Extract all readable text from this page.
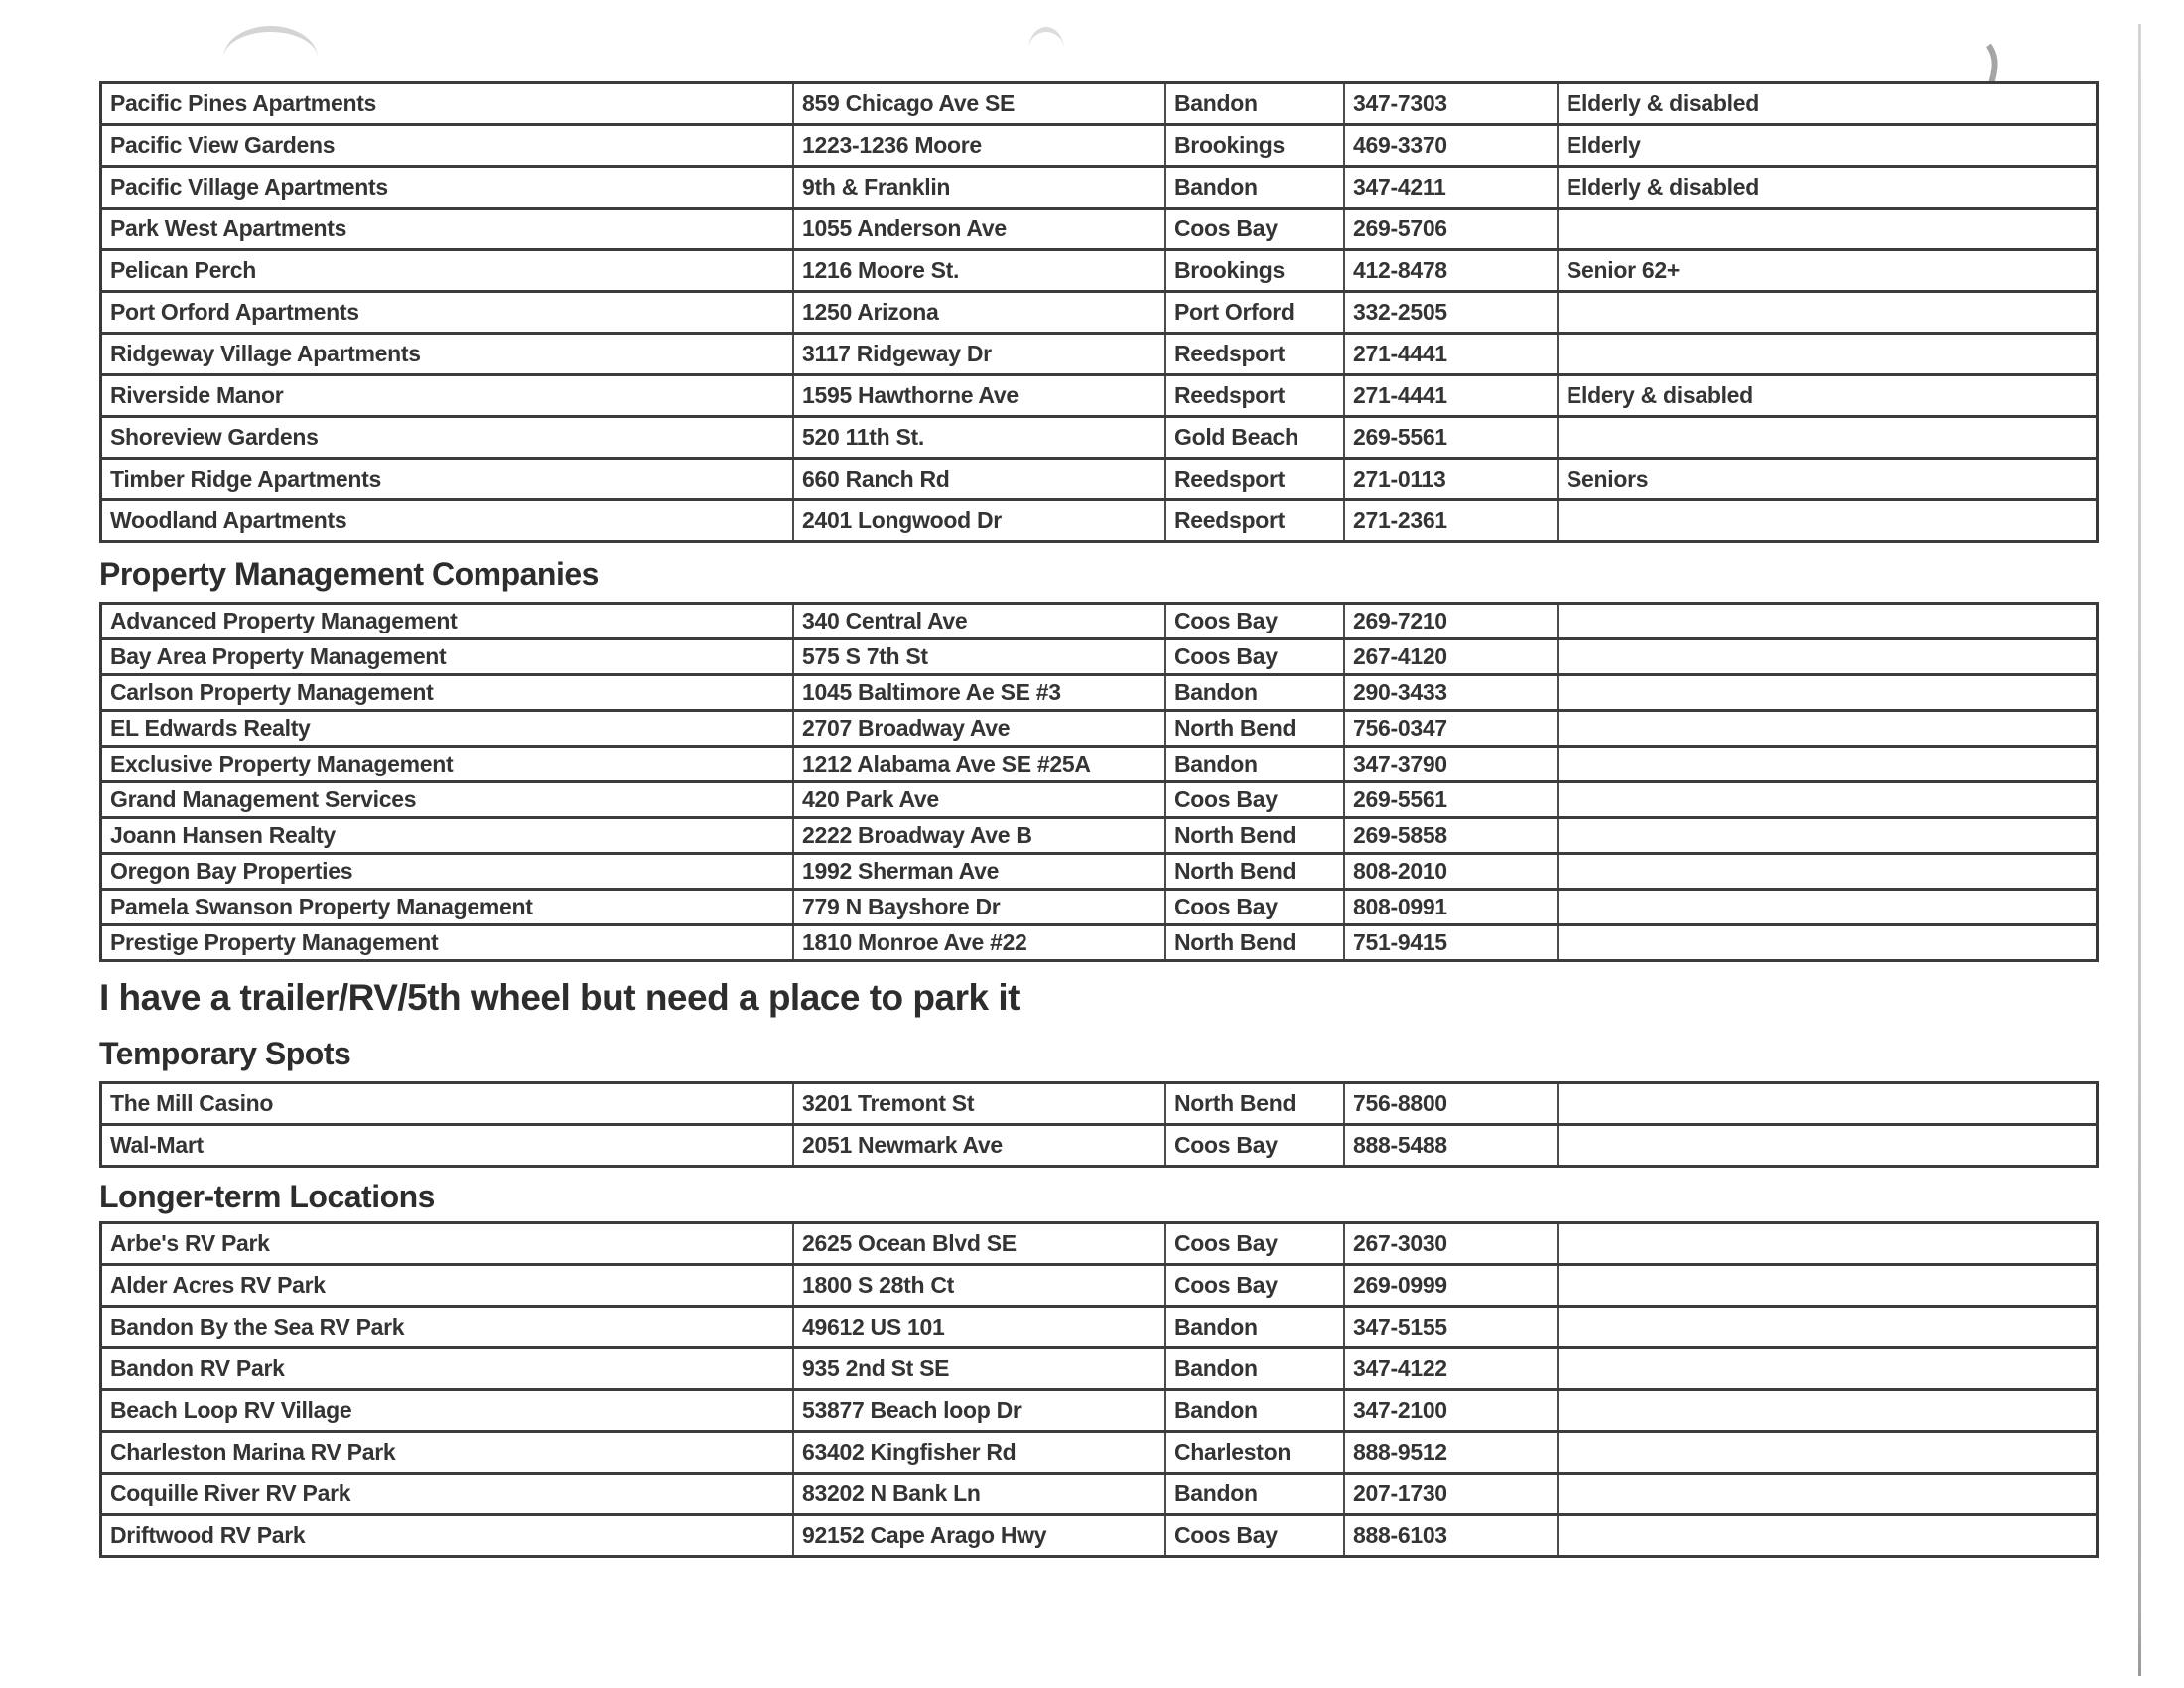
Pacific Pines Apartments	859 Chicago Ave SE	Bandon	347-7303	Elderly & disabled
Pacific View Gardens	1223-1236 Moore	Brookings	469-3370	Elderly
Pacific Village Apartments	9th & Franklin	Bandon	347-4211	Elderly & disabled
Park West Apartments	1055 Anderson Ave	Coos Bay	269-5706	
Pelican Perch	1216 Moore St.	Brookings	412-8478	Senior 62+
Port Orford Apartments	1250 Arizona	Port Orford	332-2505	
Ridgeway Village Apartments	3117 Ridgeway Dr	Reedsport	271-4441	
Riverside Manor	1595 Hawthorne Ave	Reedsport	271-4441	Eldery & disabled
Shoreview Gardens	520 11th St.	Gold Beach	269-5561	
Timber Ridge Apartments	660 Ranch Rd	Reedsport	271-0113	Seniors
Woodland Apartments	2401 Longwood Dr	Reedsport	271-2361	
Property Management Companies
Advanced Property Management	340 Central Ave	Coos Bay	269-7210	
Bay Area Property Management	575 S 7th St	Coos Bay	267-4120	
Carlson Property Management	1045 Baltimore Ae SE #3	Bandon	290-3433	
EL Edwards Realty	2707 Broadway Ave	North Bend	756-0347	
Exclusive Property Management	1212 Alabama Ave SE #25A	Bandon	347-3790	
Grand Management Services	420 Park Ave	Coos Bay	269-5561	
Joann Hansen Realty	2222 Broadway Ave B	North Bend	269-5858	
Oregon Bay Properties	1992 Sherman Ave	North Bend	808-2010	
Pamela Swanson Property Management	779 N Bayshore Dr	Coos Bay	808-0991	
Prestige Property Management	1810 Monroe Ave #22	North Bend	751-9415	
I have a trailer/RV/5th wheel but need a place to park it
Temporary Spots
The Mill Casino	3201 Tremont St	North Bend	756-8800	
Wal-Mart	2051 Newmark Ave	Coos Bay	888-5488	
Longer-term Locations
Arbe's RV Park	2625 Ocean Blvd SE	Coos Bay	267-3030	
Alder Acres RV Park	1800 S 28th Ct	Coos Bay	269-0999	
Bandon By the Sea RV Park	49612 US 101	Bandon	347-5155	
Bandon RV Park	935 2nd St SE	Bandon	347-4122	
Beach Loop RV Village	53877 Beach loop Dr	Bandon	347-2100	
Charleston Marina RV Park	63402 Kingfisher Rd	Charleston	888-9512	
Coquille River RV Park	83202 N Bank Ln	Bandon	207-1730	
Driftwood RV Park	92152 Cape Arago Hwy	Coos Bay	888-6103	
